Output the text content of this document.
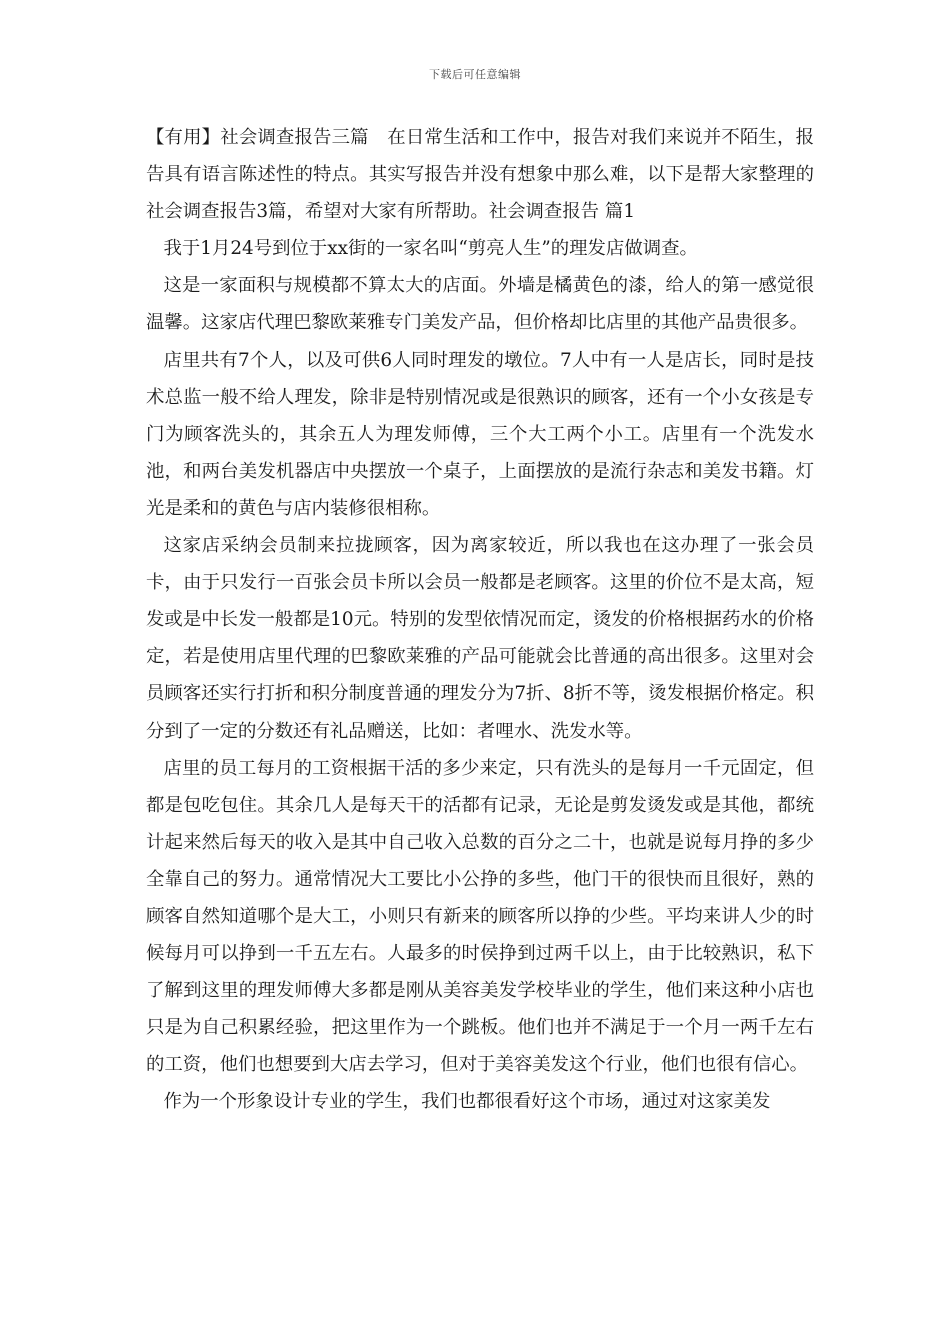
下载后可任意编辑

【有用】社会调查报告三篇　在日常生活和工作中，报告对我们来说并不陌生，报告具有语言陈述性的特点。其实写报告并没有想象中那么难，以下是帮大家整理的社会调查报告3篇，希望对大家有所帮助。社会调查报告 篇1

我于1月24号到位于xx街的一家名叫“剪亮人生”的理发店做调查。

这是一家面积与规模都不算太大的店面。外墙是橘黄色的漆，给人的第一感觉很温馨。这家店代理巴黎欧莱雅专门美发产品，但价格却比店里的其他产品贵很多。

店里共有7个人，以及可供6人同时理发的墩位。7人中有一人是店长，同时是技术总监一般不给人理发，除非是特别情况或是很熟识的顾客，还有一个小女孩是专门为顾客洗头的，其余五人为理发师傅，三个大工两个小工。店里有一个洗发水池，和两台美发机器店中央摆放一个桌子，上面摆放的是流行杂志和美发书籍。灯光是柔和的黄色与店内装修很相称。

这家店采纳会员制来拉拢顾客，因为离家较近，所以我也在这办理了一张会员卡，由于只发行一百张会员卡所以会员一般都是老顾客。这里的价位不是太高，短发或是中长发一般都是10元。特别的发型依情况而定，烫发的价格根据药水的价格定，若是使用店里代理的巴黎欧莱雅的产品可能就会比普通的高出很多。这里对会员顾客还实行打折和积分制度普通的理发分为7折、8折不等，烫发根据价格定。积分到了一定的分数还有礼品赠送，比如：者哩水、洗发水等。

店里的员工每月的工资根据干活的多少来定，只有洗头的是每月一千元固定，但都是包吃包住。其余几人是每天干的活都有记录，无论是剪发烫发或是其他，都统计起来然后每天的收入是其中自己收入总数的百分之二十，也就是说每月挣的多少全靠自己的努力。通常情况大工要比小公挣的多些，他门干的很快而且很好，熟的顾客自然知道哪个是大工，小则只有新来的顾客所以挣的少些。平均来讲人少的时候每月可以挣到一千五左右。人最多的时侯挣到过两千以上，由于比较熟识，私下了解到这里的理发师傅大多都是刚从美容美发学校毕业的学生，他们来这种小店也只是为自己积累经验，把这里作为一个跳板。他们也并不满足于一个月一两千左右的工资，他们也想要到大店去学习，但对于美容美发这个行业，他们也很有信心。

作为一个形象设计专业的学生，我们也都很看好这个市场，通过对这家美发
